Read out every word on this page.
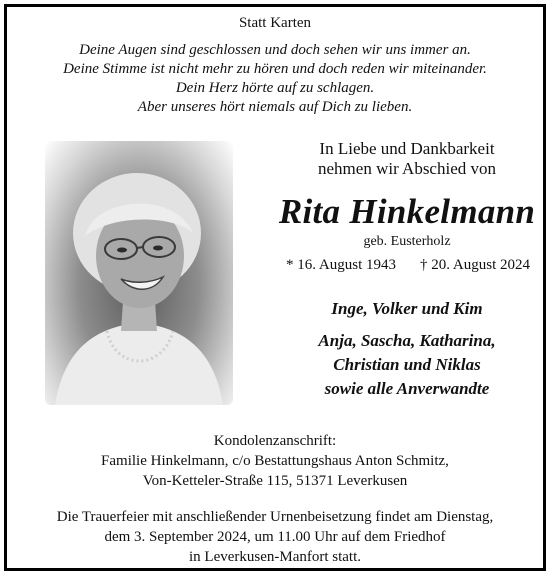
Statt Karten
Deine Augen sind geschlossen und doch sehen wir uns immer an.
Deine Stimme ist nicht mehr zu hören und doch reden wir miteinander.
Dein Herz hörte auf zu schlagen.
Aber unseres hört niemals auf Dich zu lieben.
In Liebe und Dankbarkeit
nehmen wir Abschied von
Rita Hinkelmann
geb. Eusterholz
* 16. August 1943 † 20. August 2024
Inge, Volker und Kim
Anja, Sascha, Katharina,
Christian und Niklas
sowie alle Anverwandte
Kondolenzanschrift:
Familie Hinkelmann, c/o Bestattungshaus Anton Schmitz,
Von-Ketteler-Straße 115, 51371 Leverkusen
Die Trauerfeier mit anschließender Urnenbeisetzung findet am Dienstag,
dem 3. September 2024, um 11.00 Uhr auf dem Friedhof
in Leverkusen-Manfort statt.
